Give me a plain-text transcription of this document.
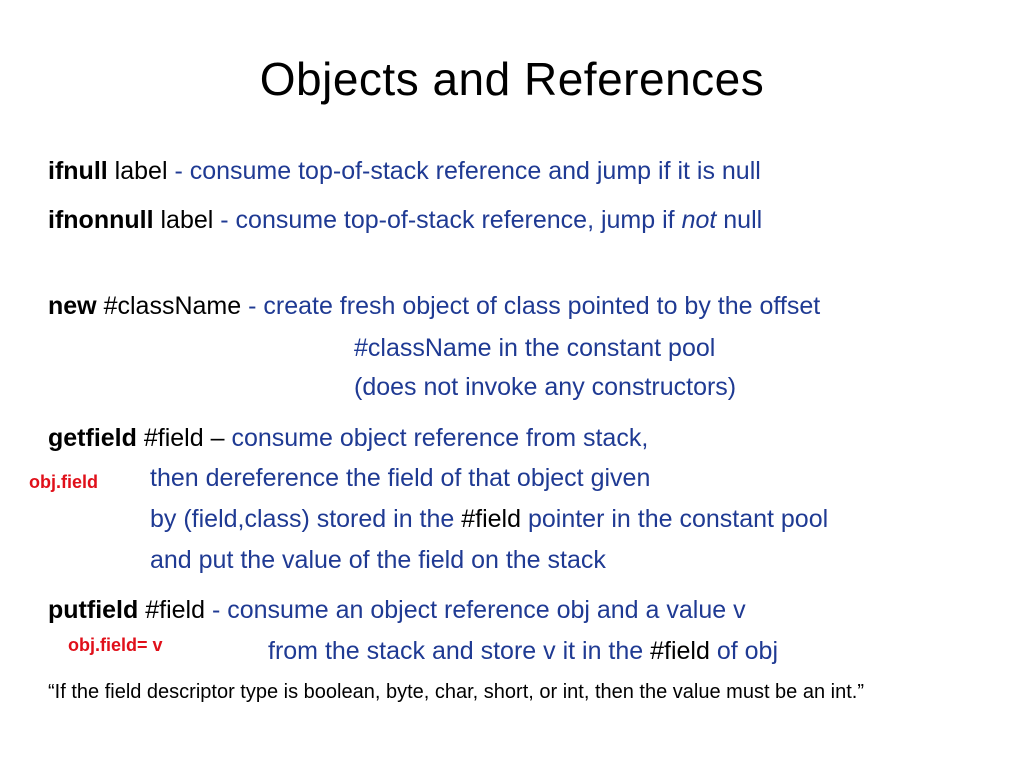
Objects and References
ifnull label - consume top-of-stack reference and jump if it is null
ifnonnull label - consume top-of-stack reference, jump if not null
new #className - create fresh object of class pointed to by the offset
#className in the constant pool
(does not invoke any constructors)
getfield #field – consume object reference from stack,
obj.field then dereference the field of that object given
by (field,class) stored in the #field pointer in the constant pool
and put the value of the field on the stack
putfield #field - consume an object reference obj and a value v
obj.field= v	from the stack and store v it in the #field of obj
“If the field descriptor type is boolean, byte, char, short, or int, then the value must be an int.”
